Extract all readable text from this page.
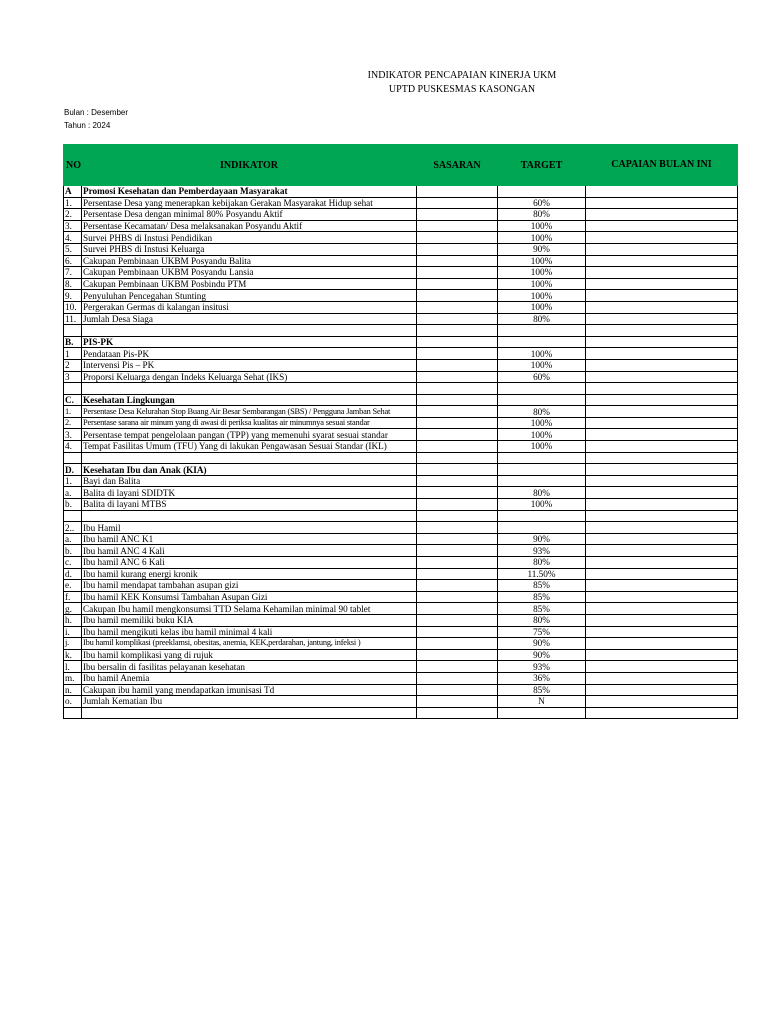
INDIKATOR PENCAPAIAN KINERJA UKM
UPTD PUSKESMAS KASONGAN
Bulan : Desember
Tahun : 2024
NO	INDIKATOR	SASARAN	TARGET	CAPAIAN BULAN INI
A	Promosi Kesehatan dan Pemberdayaan Masyarakat			
1.	Persentase Desa yang menerapkan kebijakan Gerakan Masyarakat Hidup sehat		60%	
2.	Persentase Desa dengan minimal 80% Posyandu Aktif		80%	
3.	Persentase Kecamatan/ Desa melaksanakan Posyandu Aktif		100%	
4.	Survei PHBS di Instusi Pendidikan		100%	
5.	Survei PHBS di Instusi Keluarga		90%	
6.	Cakupan Pembinaan UKBM Posyandu Balita		100%	
7.	Cakupan Pembinaan UKBM Posyandu Lansia		100%	
8.	Cakupan Pembinaan UKBM Posbindu PTM		100%	
9.	Penyuluhan Pencegahan Stunting		100%	
10.	Pergerakan Germas di kalangan insitusi		100%	
11.	Jumlah Desa Siaga		80%	

B.	PIS-PK			
1	Pendataan Pis-PK		100%	
2	Intervensi Pis – PK		100%	
3	Proporsi Keluarga dengan Indeks Keluarga Sehat (IKS)		60%	

C.	Kesehatan Lingkungan			
1.	Persentase Desa Kelurahan Stop Buang Air Besar Sembarangan (SBS) / Pengguna Jamban Sehat		80%	
2.	Persentase sarana air minum yang di awasi di periksa kualitas air minumnya sesuai standar		100%	
3.	Persentase tempat pengelolaan pangan (TPP) yang memenuhi syarat sesuai standar		100%	
4.	Tempat Fasilitas Umum (TFU) Yang di lakukan Pengawasan Sesuai Standar (IKL)		100%	

D.	Kesehatan Ibu dan Anak (KIA)			
1.	Bayi dan Balita			
a.	Balita di layani SDIDTK		80%	
b.	Balita di layani MTBS		100%	

2..	Ibu Hamil			
a.	Ibu hamil ANC K1		90%	
b.	Ibu hamil ANC 4 Kali		93%	
c.	Ibu hamil ANC 6 Kali		80%	
d.	Ibu hamil kurang energi kronik		11.50%	
e.	Ibu hamil mendapat tambahan asupan gizi		85%	
f.	Ibu hamil KEK Konsumsi Tambahan Asupan Gizi		85%	
g.	Cakupan Ibu hamil mengkonsumsi TTD Selama Kehamilan minimal 90 tablet		85%	
h.	Ibu hamil memiliki buku KIA		80%	
i.	Ibu hamil mengikuti kelas ibu hamil minimal 4 kali		75%	
j.	Ibu hamil komplikasi (preeklamsi, obesitas, anemia, KEK,perdarahan, jantung, infeksi )		90%	
k.	Ibu hamil komplikasi yang di rujuk		90%	
l.	Ibu bersalin di fasilitas pelayanan kesehatan		93%	
m.	Ibu hamil Anemia		36%	
n.	Cakupan ibu hamil yang mendapatkan imunisasi Td		85%	
o.	Jumlah Kematian Ibu		N	
